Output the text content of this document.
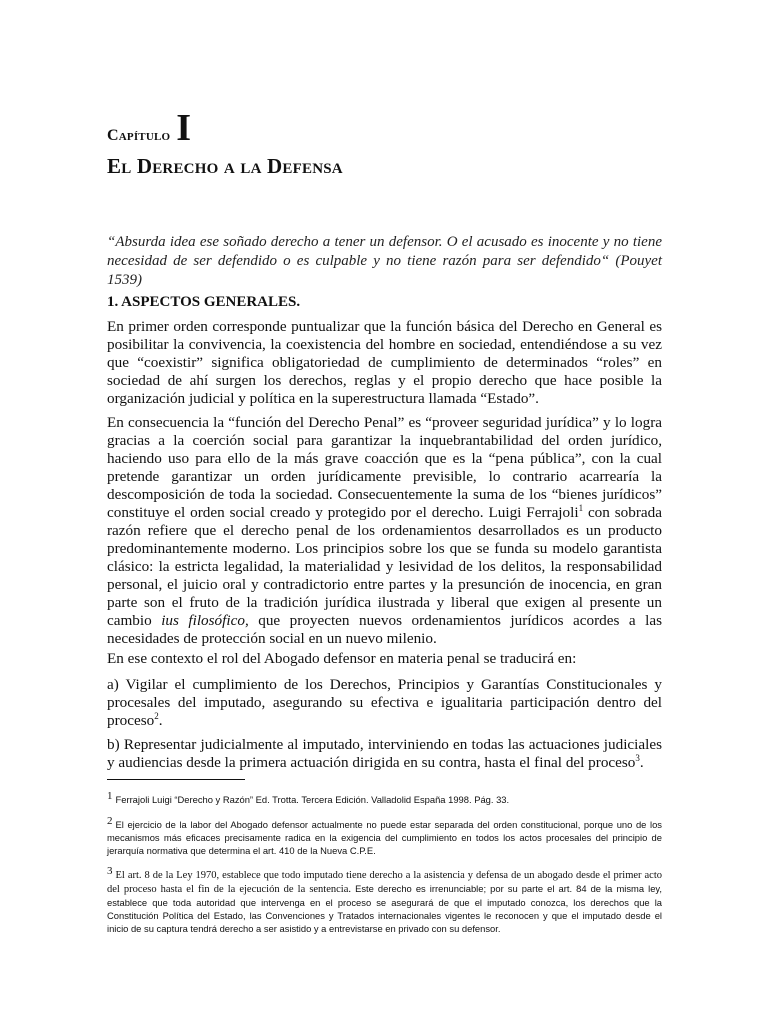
Capítulo I
El Derecho a la Defensa
“Absurda idea ese soñado derecho a tener un defensor. O el acusado es inocente y no tiene necesidad de ser defendido o es culpable y no tiene razón para ser defendido“ (Pouyet 1539)
1. ASPECTOS GENERALES.

En primer orden corresponde puntualizar que la función básica del Derecho en General es posibilitar la convivencia, la coexistencia del hombre en sociedad, entendiéndose a su vez que “coexistir” significa obligatoriedad de cumplimiento de determinados “roles” en sociedad de ahí surgen los derechos, reglas y el propio derecho que hace posible la organización judicial y política en la superestructura llamada “Estado”.

En consecuencia la “función del Derecho Penal” es “proveer seguridad jurídica” y lo logra gracias a la coerción social para garantizar la inquebrantabilidad del orden jurídico, haciendo uso para ello de la más grave coacción que es la “pena pública”, con la cual pretende garantizar un orden jurídicamente previsible, lo contrario acarrearía la descomposición de toda la sociedad. Consecuentemente la suma de los “bienes jurídicos” constituye el orden social creado y protegido por el derecho. Luigi Ferrajoli$^1$ con sobrada razón refiere que el derecho penal de los ordenamientos desarrollados es un producto predominantemente moderno. Los principios sobre los que se funda su modelo garantista clásico: la estricta legalidad, la materialidad y lesividad de los delitos, la responsabilidad personal, el juicio oral y contradictorio entre partes y la presunción de inocencia, en gran parte son el fruto de la tradición jurídica ilustrada y liberal que exigen al presente un cambio ius filosófico, que proyecten nuevos ordenamientos jurídicos acordes a las necesidades de protección social en un nuevo milenio.

En ese contexto el rol del Abogado defensor en materia penal se traducirá en:

a) Vigilar el cumplimiento de los Derechos, Principios y Garantías Constitucionales y procesales del imputado, asegurando su efectiva e igualitaria participación dentro del proceso$^2$.

b) Representar judicialmente al imputado, interviniendo en todas las actuaciones judiciales y audiencias desde la primera actuación dirigida en su contra, hasta el final del proceso$^3$.

1 Ferrajoli Luigi “Derecho y Razón” Ed. Trotta. Tercera Edición. Valladolid España 1998. Pág. 33.
2 El ejercicio de la labor del Abogado defensor actualmente no puede estar separada del orden constitucional, porque uno de los mecanismos más eficaces precisamente radica en la exigencia del cumplimiento en todos los actos procesales del principio de jerarquía normativa que determina el art. 410 de la Nueva C.P.E.
3 El art. 8 de la Ley 1970, establece que todo imputado tiene derecho a la asistencia y defensa de un abogado desde el primer acto del proceso hasta el fin de la ejecución de la sentencia. Este derecho es irrenunciable; por su parte el art. 84 de la misma ley, establece que toda autoridad que intervenga en el proceso se asegurará de que el imputado conozca, los derechos que la Constitución Política del Estado, las Convenciones y Tratados internacionales vigentes le reconocen y que el imputado desde el inicio de su captura tendrá derecho a ser asistido y a entrevistarse en privado con su defensor.
